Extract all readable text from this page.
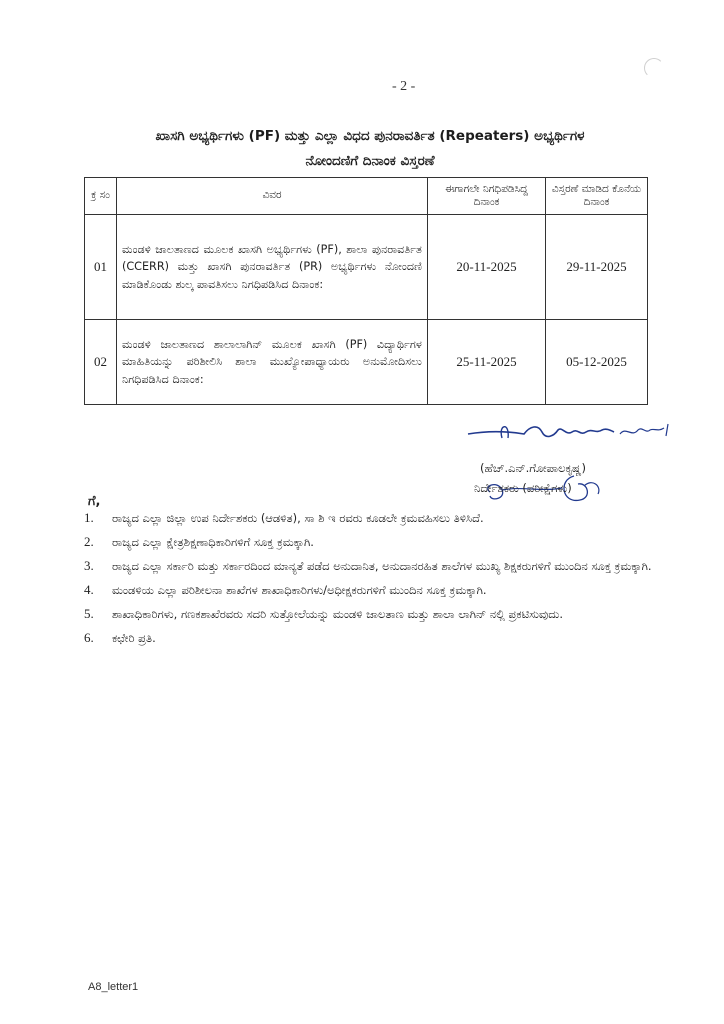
- 2 -
ಖಾಸಗಿ ಅಭ್ಯರ್ಥಿಗಳು (PF) ಮತ್ತು ಎಲ್ಲಾ ವಿಧದ ಪುನರಾವರ್ತಿತ (Repeaters) ಅಭ್ಯರ್ಥಿಗಳ
ನೋಂದಣಿಗೆ ದಿನಾಂಕ ವಿಸ್ತರಣೆ
ಕ್ರ ಸಂ	ವಿವರ	ಈಗಾಗಲೇ ನಿಗಧಿಪಡಿಸಿದ್ದ ದಿನಾಂಕ	ವಿಸ್ತರಣೆ ಮಾಡಿದ ಕೊನೆಯ ದಿನಾಂಕ
01	ಮಂಡಳಿ ಜಾಲತಾಣದ ಮೂಲಕ ಖಾಸಗಿ ಅಭ್ಯರ್ಥಿಗಳು (PF), ಶಾಲಾ ಪುನರಾವರ್ತಿತ (CCERR) ಮತ್ತು ಖಾಸಗಿ ಪುನರಾವರ್ತಿತ (PR) ಅಭ್ಯರ್ಥಿಗಳು ನೋಂದಣಿ ಮಾಡಿಕೊಂಡು ಶುಲ್ಕ ಪಾವತಿಸಲು ನಿಗಧಿಪಡಿಸಿದ ದಿನಾಂಕ:	20-11-2025	29-11-2025
02	ಮಂಡಳಿ ಜಾಲತಾಣದ ಶಾಲಾಲಾಗಿನ್ ಮೂಲಕ ಖಾಸಗಿ (PF) ವಿದ್ಯಾರ್ಥಿಗಳ ಮಾಹಿತಿಯನ್ನು ಪರಿಶೀಲಿಸಿ ಶಾಲಾ ಮುಖ್ಯೋಪಾಧ್ಯಾಯರು ಅನುಮೋದಿಸಲು ನಿಗಧಿಪಡಿಸಿದ ದಿನಾಂಕ:	25-11-2025	05-12-2025
(ಹೆಚ್.ಎನ್.ಗೋಪಾಲಕೃಷ್ಣ)
ನಿರ್ದೇಶಕರು (ಪರೀಕ್ಷೆಗಳು)
ಗೆ,
1.	ರಾಜ್ಯದ ಎಲ್ಲಾ ಜಿಲ್ಲಾ ಉಪ ನಿರ್ದೇಶಕರು (ಆಡಳಿತ), ಸಾ ಶಿ ಇ ರವರು ಕೂಡಲೇ ಕ್ರಮವಹಿಸಲು ತಿಳಿಸಿದೆ.
2.	ರಾಜ್ಯದ ಎಲ್ಲಾ ಕ್ಷೇತ್ರಶಿಕ್ಷಣಾಧಿಕಾರಿಗಳಿಗೆ ಸೂಕ್ತ ಕ್ರಮಕ್ಕಾಗಿ.
3.	ರಾಜ್ಯದ ಎಲ್ಲಾ ಸರ್ಕಾರಿ ಮತ್ತು ಸರ್ಕಾರದಿಂದ ಮಾನ್ಯತೆ ಪಡೆದ ಅನುದಾನಿತ, ಅನುದಾನರಹಿತ ಶಾಲೆಗಳ ಮುಖ್ಯ ಶಿಕ್ಷಕರುಗಳಿಗೆ ಮುಂದಿನ ಸೂಕ್ತ ಕ್ರಮಕ್ಕಾಗಿ.
4.	ಮಂಡಳಿಯ ಎಲ್ಲಾ ಪರಿಶೀಲನಾ ಶಾಖೆಗಳ ಶಾಖಾಧಿಕಾರಿಗಳು/ಅಧೀಕ್ಷಕರುಗಳಿಗೆ ಮುಂದಿನ ಸೂಕ್ತ ಕ್ರಮಕ್ಕಾಗಿ.
5.	ಶಾಖಾಧಿಕಾರಿಗಳು, ಗಣಕಶಾಖೆರವರು ಸದರಿ ಸುತ್ತೋಲೆಯನ್ನು ಮಂಡಳಿ ಜಾಲತಾಣ ಮತ್ತು ಶಾಲಾ ಲಾಗಿನ್ ನಲ್ಲಿ ಪ್ರಕಟಿಸುವುದು.
6.	ಕಛೇರಿ ಪ್ರತಿ.
A8_letter1
